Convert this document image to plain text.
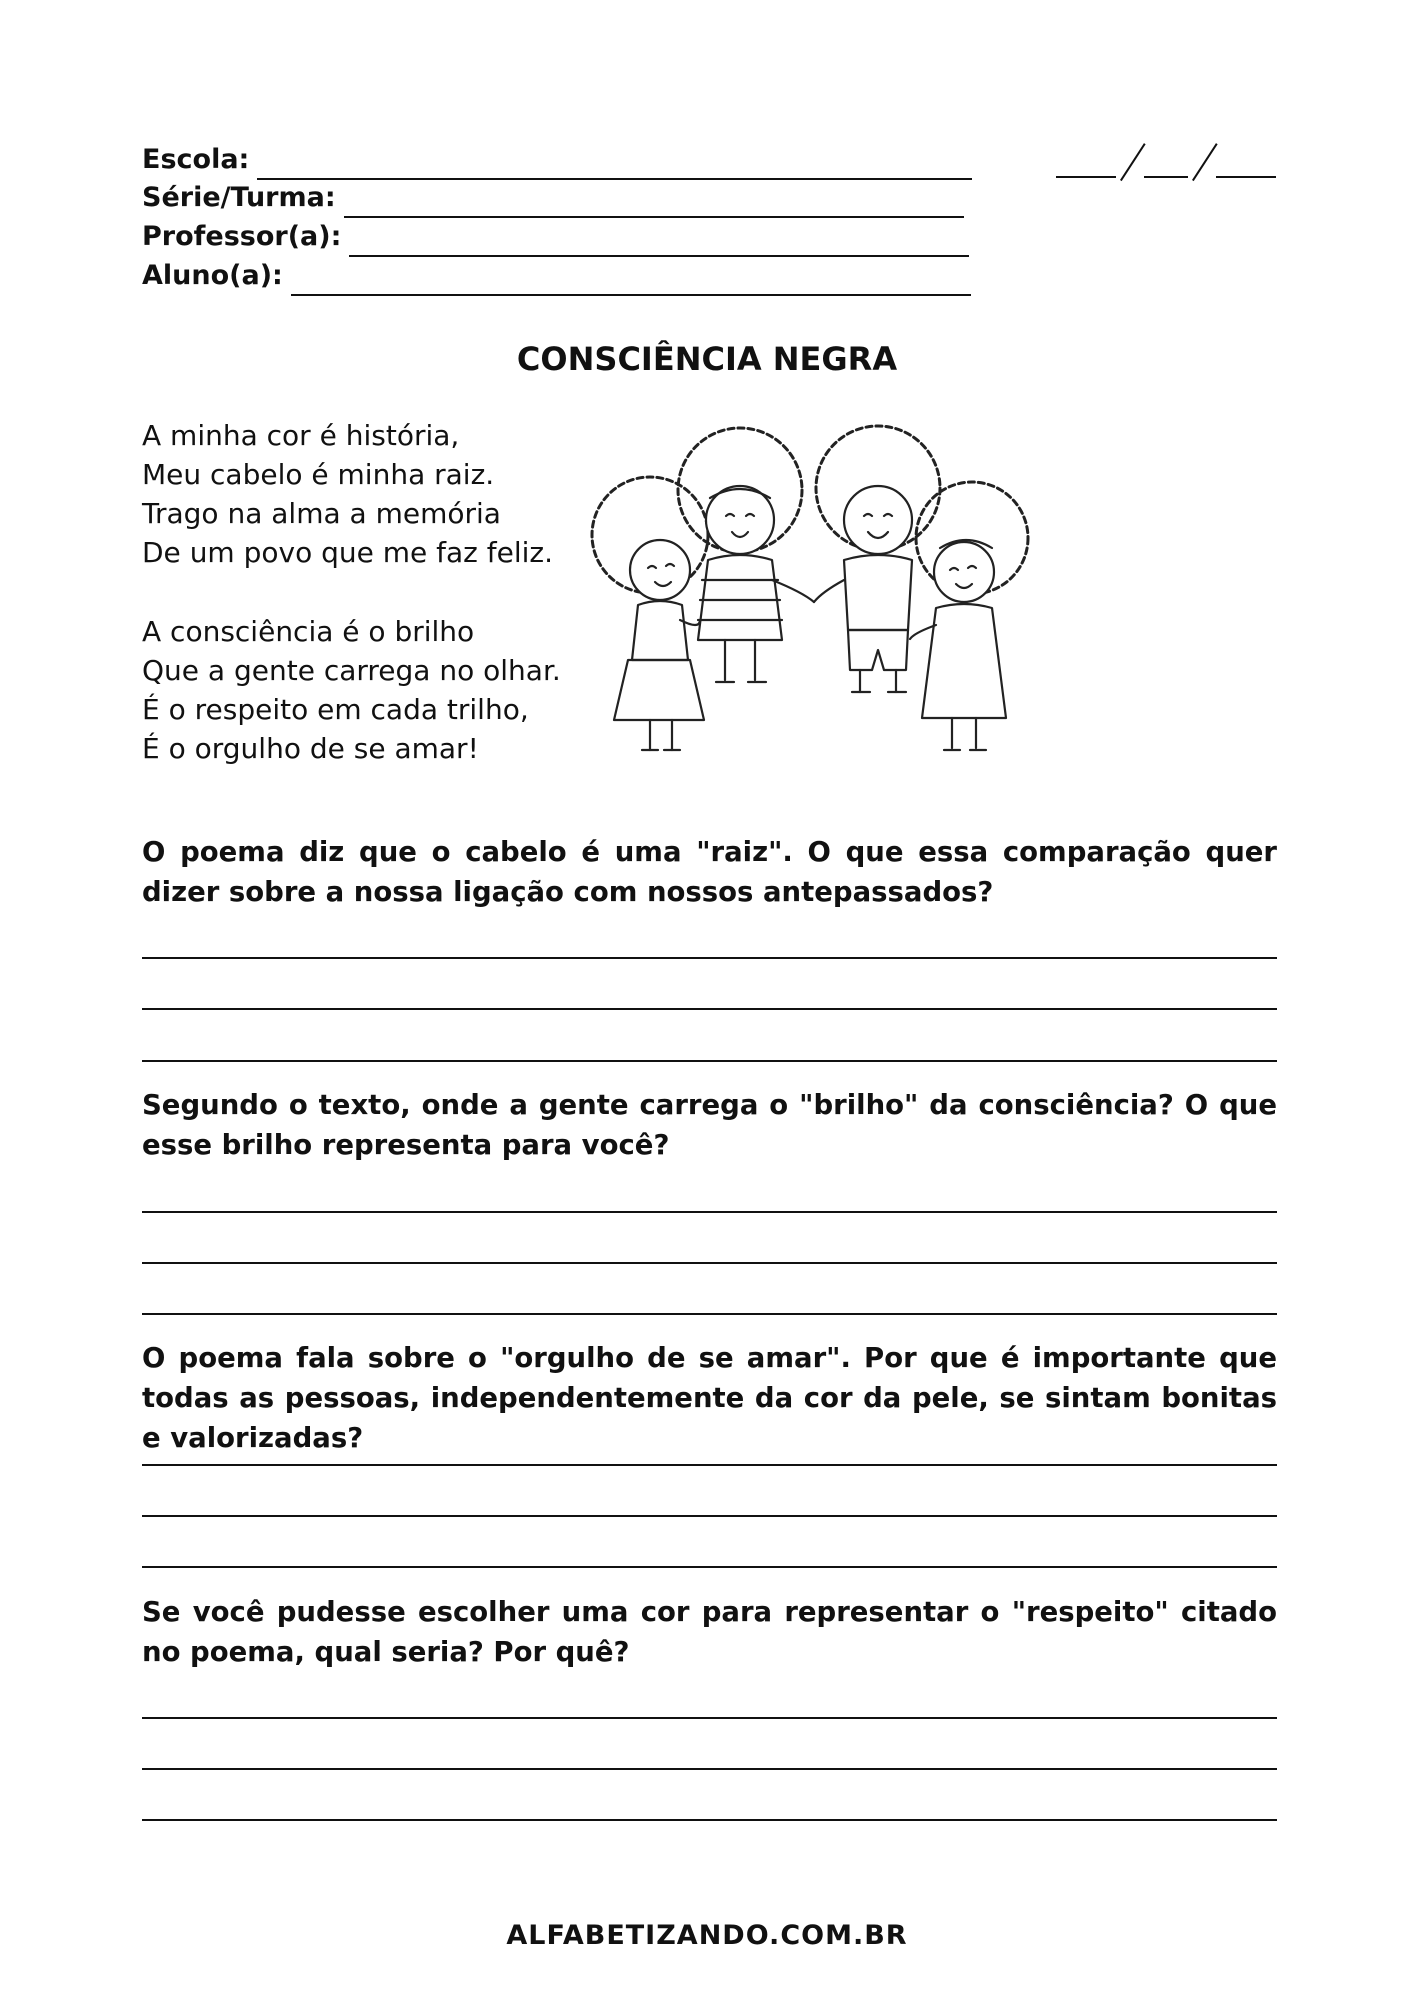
Escola:
Série/Turma:
Professor(a):
Aluno(a):
CONSCIÊNCIA NEGRA
A minha cor é história,
Meu cabelo é minha raiz.
Trago na alma a memória
De um povo que me faz feliz.
A consciência é o brilho
Que a gente carrega no olhar.
É o respeito em cada trilho,
É o orgulho de se amar!
O poema diz que o cabelo é uma "raiz". O que essa comparação quer dizer sobre a nossa ligação com nossos antepassados?
Segundo o texto, onde a gente carrega o "brilho" da consciência? O que esse brilho representa para você?
O poema fala sobre o "orgulho de se amar". Por que é importante que todas as pessoas, independentemente da cor da pele, se sintam bonitas e valorizadas?
Se você pudesse escolher uma cor para representar o "respeito" citado no poema, qual seria? Por quê?
ALFABETIZANDO.COM.BR
